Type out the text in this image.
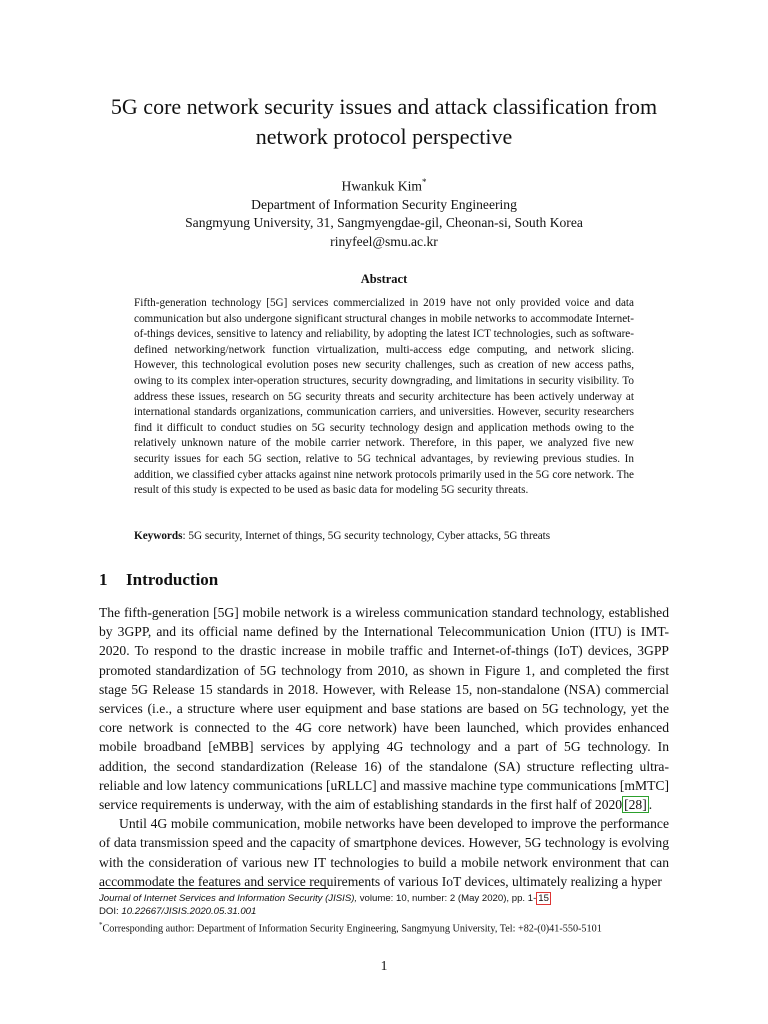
5G core network security issues and attack classification from network protocol perspective
Hwankuk Kim*
Department of Information Security Engineering
Sangmyung University, 31, Sangmyengdae-gil, Cheonan-si, South Korea
rinyfeel@smu.ac.kr
Abstract
Fifth-generation technology [5G] services commercialized in 2019 have not only provided voice and data communication but also undergone significant structural changes in mobile networks to accommodate Internet-of-things devices, sensitive to latency and reliability, by adopting the latest ICT technologies, such as software-defined networking/network function virtualization, multi-access edge computing, and network slicing. However, this technological evolution poses new security challenges, such as creation of new access paths, owing to its complex inter-operation structures, security downgrading, and limitations in security visibility. To address these issues, research on 5G security threats and security architecture has been actively underway at international standards organizations, communication carriers, and universities. However, security researchers find it difficult to conduct studies on 5G security technology design and application methods owing to the relatively unknown nature of the mobile carrier network. Therefore, in this paper, we analyzed five new security issues for each 5G section, relative to 5G technical advantages, by reviewing previous studies. In addition, we classified cyber attacks against nine network protocols primarily used in the 5G core network. The result of this study is expected to be used as basic data for modeling 5G security threats.
Keywords: 5G security, Internet of things, 5G security technology, Cyber attacks, 5G threats
1 Introduction

The fifth-generation [5G] mobile network is a wireless communication standard technology, established by 3GPP, and its official name defined by the International Telecommunication Union (ITU) is IMT-2020. To respond to the drastic increase in mobile traffic and Internet-of-things (IoT) devices, 3GPP promoted standardization of 5G technology from 2010, as shown in Figure 1, and completed the first stage 5G Release 15 standards in 2018. However, with Release 15, non-standalone (NSA) commercial services (i.e., a structure where user equipment and base stations are based on 5G technology, yet the core network is connected to the 4G core network) have been launched, which provides enhanced mobile broadband [eMBB] services by applying 4G technology and a part of 5G technology. In addition, the second standardization (Release 16) of the standalone (SA) structure reflecting ultra-reliable and low latency communications [uRLLC] and massive machine type communications [mMTC] service requirements is underway, with the aim of establishing standards in the first half of 2020 [28] .

Until 4G mobile communication, mobile networks have been developed to improve the performance of data transmission speed and the capacity of smartphone devices. However, 5G technology is evolving with the consideration of various new IT technologies to build a mobile network environment that can accommodate the features and service requirements of various IoT devices, ultimately realizing a hyper

Journal of Internet Services and Information Security (JISIS), volume: 10, number: 2 (May 2020), pp. 1- 15
DOI: 10.22667/JISIS.2020.05.31.001
*Corresponding author: Department of Information Security Engineering, Sangmyung University, Tel: +82-(0)41-550-5101
1
